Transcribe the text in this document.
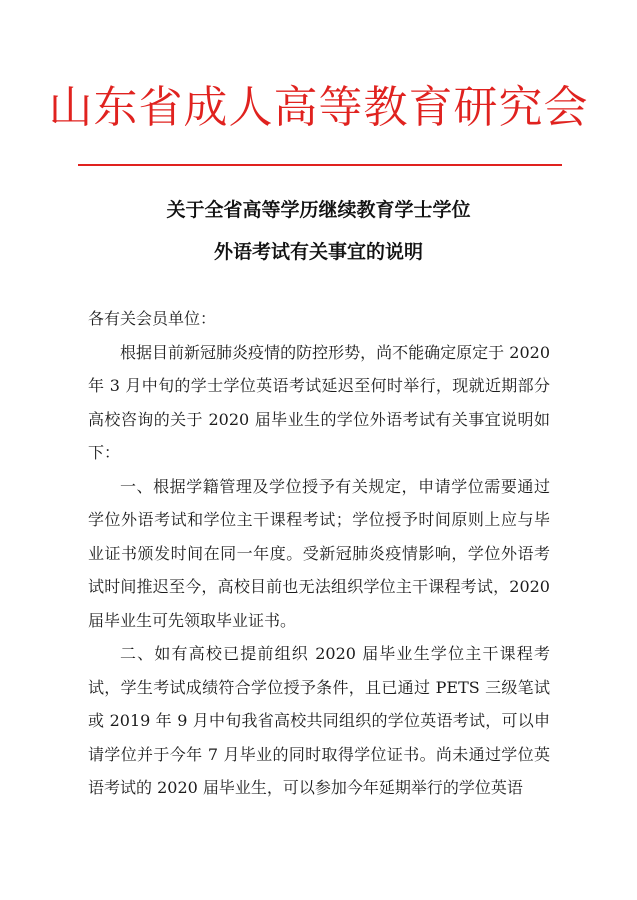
山东省成人高等教育研究会
关于全省高等学历继续教育学士学位
外语考试有关事宜的说明

各有关会员单位：

根据目前新冠肺炎疫情的防控形势，尚不能确定原定于 2020 年 3 月中旬的学士学位英语考试延迟至何时举行，现就近期部分高校咨询的关于 2020 届毕业生的学位外语考试有关事宜说明如下：

一、根据学籍管理及学位授予有关规定，申请学位需要通过学位外语考试和学位主干课程考试；学位授予时间原则上应与毕业证书颁发时间在同一年度。受新冠肺炎疫情影响，学位外语考试时间推迟至今，高校目前也无法组织学位主干课程考试，2020 届毕业生可先领取毕业证书。

二、如有高校已提前组织 2020 届毕业生学位主干课程考试，学生考试成绩符合学位授予条件，且已通过 PETS 三级笔试或 2019 年 9 月中旬我省高校共同组织的学位英语考试，可以申请学位并于今年 7 月毕业的同时取得学位证书。尚未通过学位英语考试的 2020 届毕业生，可以参加今年延期举行的学位英语
